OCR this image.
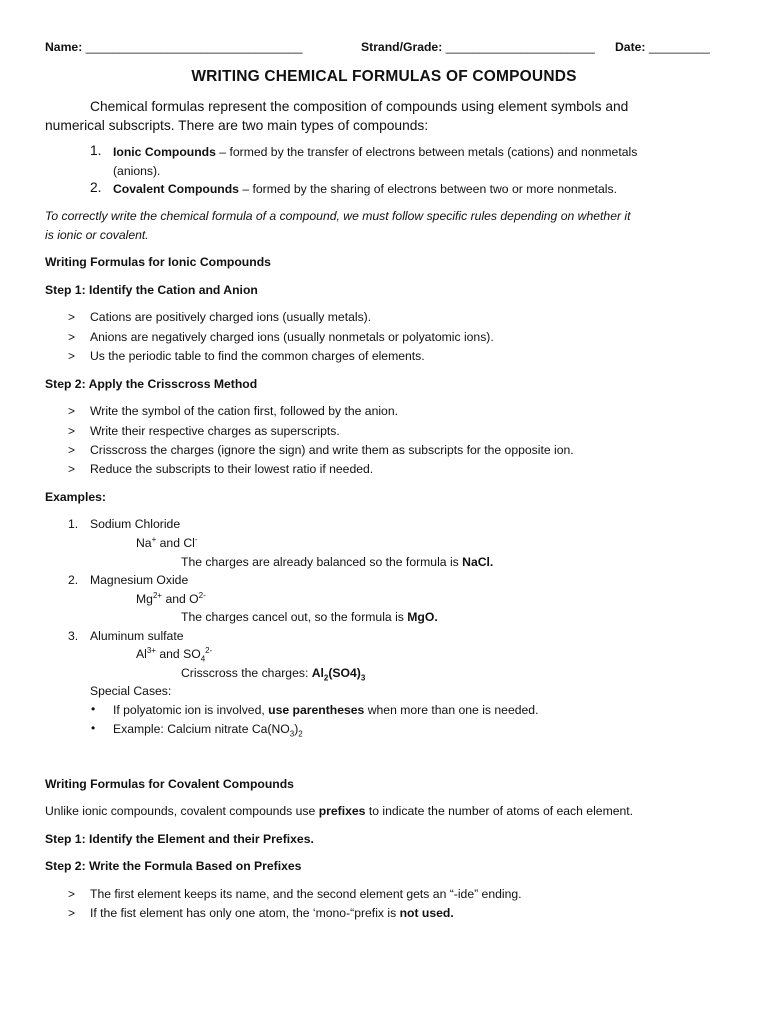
Name: ________________________________	Strand/Grade: ______________________ Date: _________
WRITING CHEMICAL FORMULAS OF COMPOUNDS
Chemical formulas represent the composition of compounds using element symbols and
numerical subscripts. There are two main types of compounds:
1. Ionic Compounds – formed by the transfer of electrons between metals (cations) and nonmetals
(anions).
2. Covalent Compounds – formed by the sharing of electrons between two or more nonmetals.
To correctly write the chemical formula of a compound, we must follow specific rules depending on whether it
is ionic or covalent.
Writing Formulas for Ionic Compounds
Step 1: Identify the Cation and Anion
> Cations are positively charged ions (usually metals).
> Anions are negatively charged ions (usually nonmetals or polyatomic ions).
> Us the periodic table to find the common charges of elements.
Step 2: Apply the Crisscross Method
> Write the symbol of the cation first, followed by the anion.
> Write their respective charges as superscripts.
> Crisscross the charges (ignore the sign) and write them as subscripts for the opposite ion.
> Reduce the subscripts to their lowest ratio if needed.
Examples:
1. Sodium Chloride
Na+ and Cl-
The charges are already balanced so the formula is NaCl.
2. Magnesium Oxide
$Mg^{2+}$ and $O^{2-}$
The charges cancel out, so the formula is MgO.
3. Aluminum sulfate
$Al^{3+}$ and $SO_4^{2-}$
Crisscross the charges: $Al_2(SO4)_3$
Special Cases:
• If polyatomic ion is involved, use parentheses when more than one is needed.
• Example: Calcium nitrate $Ca(NO_3)_2$
Writing Formulas for Covalent Compounds
Unlike ionic compounds, covalent compounds use prefixes to indicate the number of atoms of each element.
Step 1: Identify the Element and their Prefixes.
Step 2: Write the Formula Based on Prefixes
> The first element keeps its name, and the second element gets an “-ide” ending.
> If the fist element has only one atom, the ‘mono-“prefix is not used.
